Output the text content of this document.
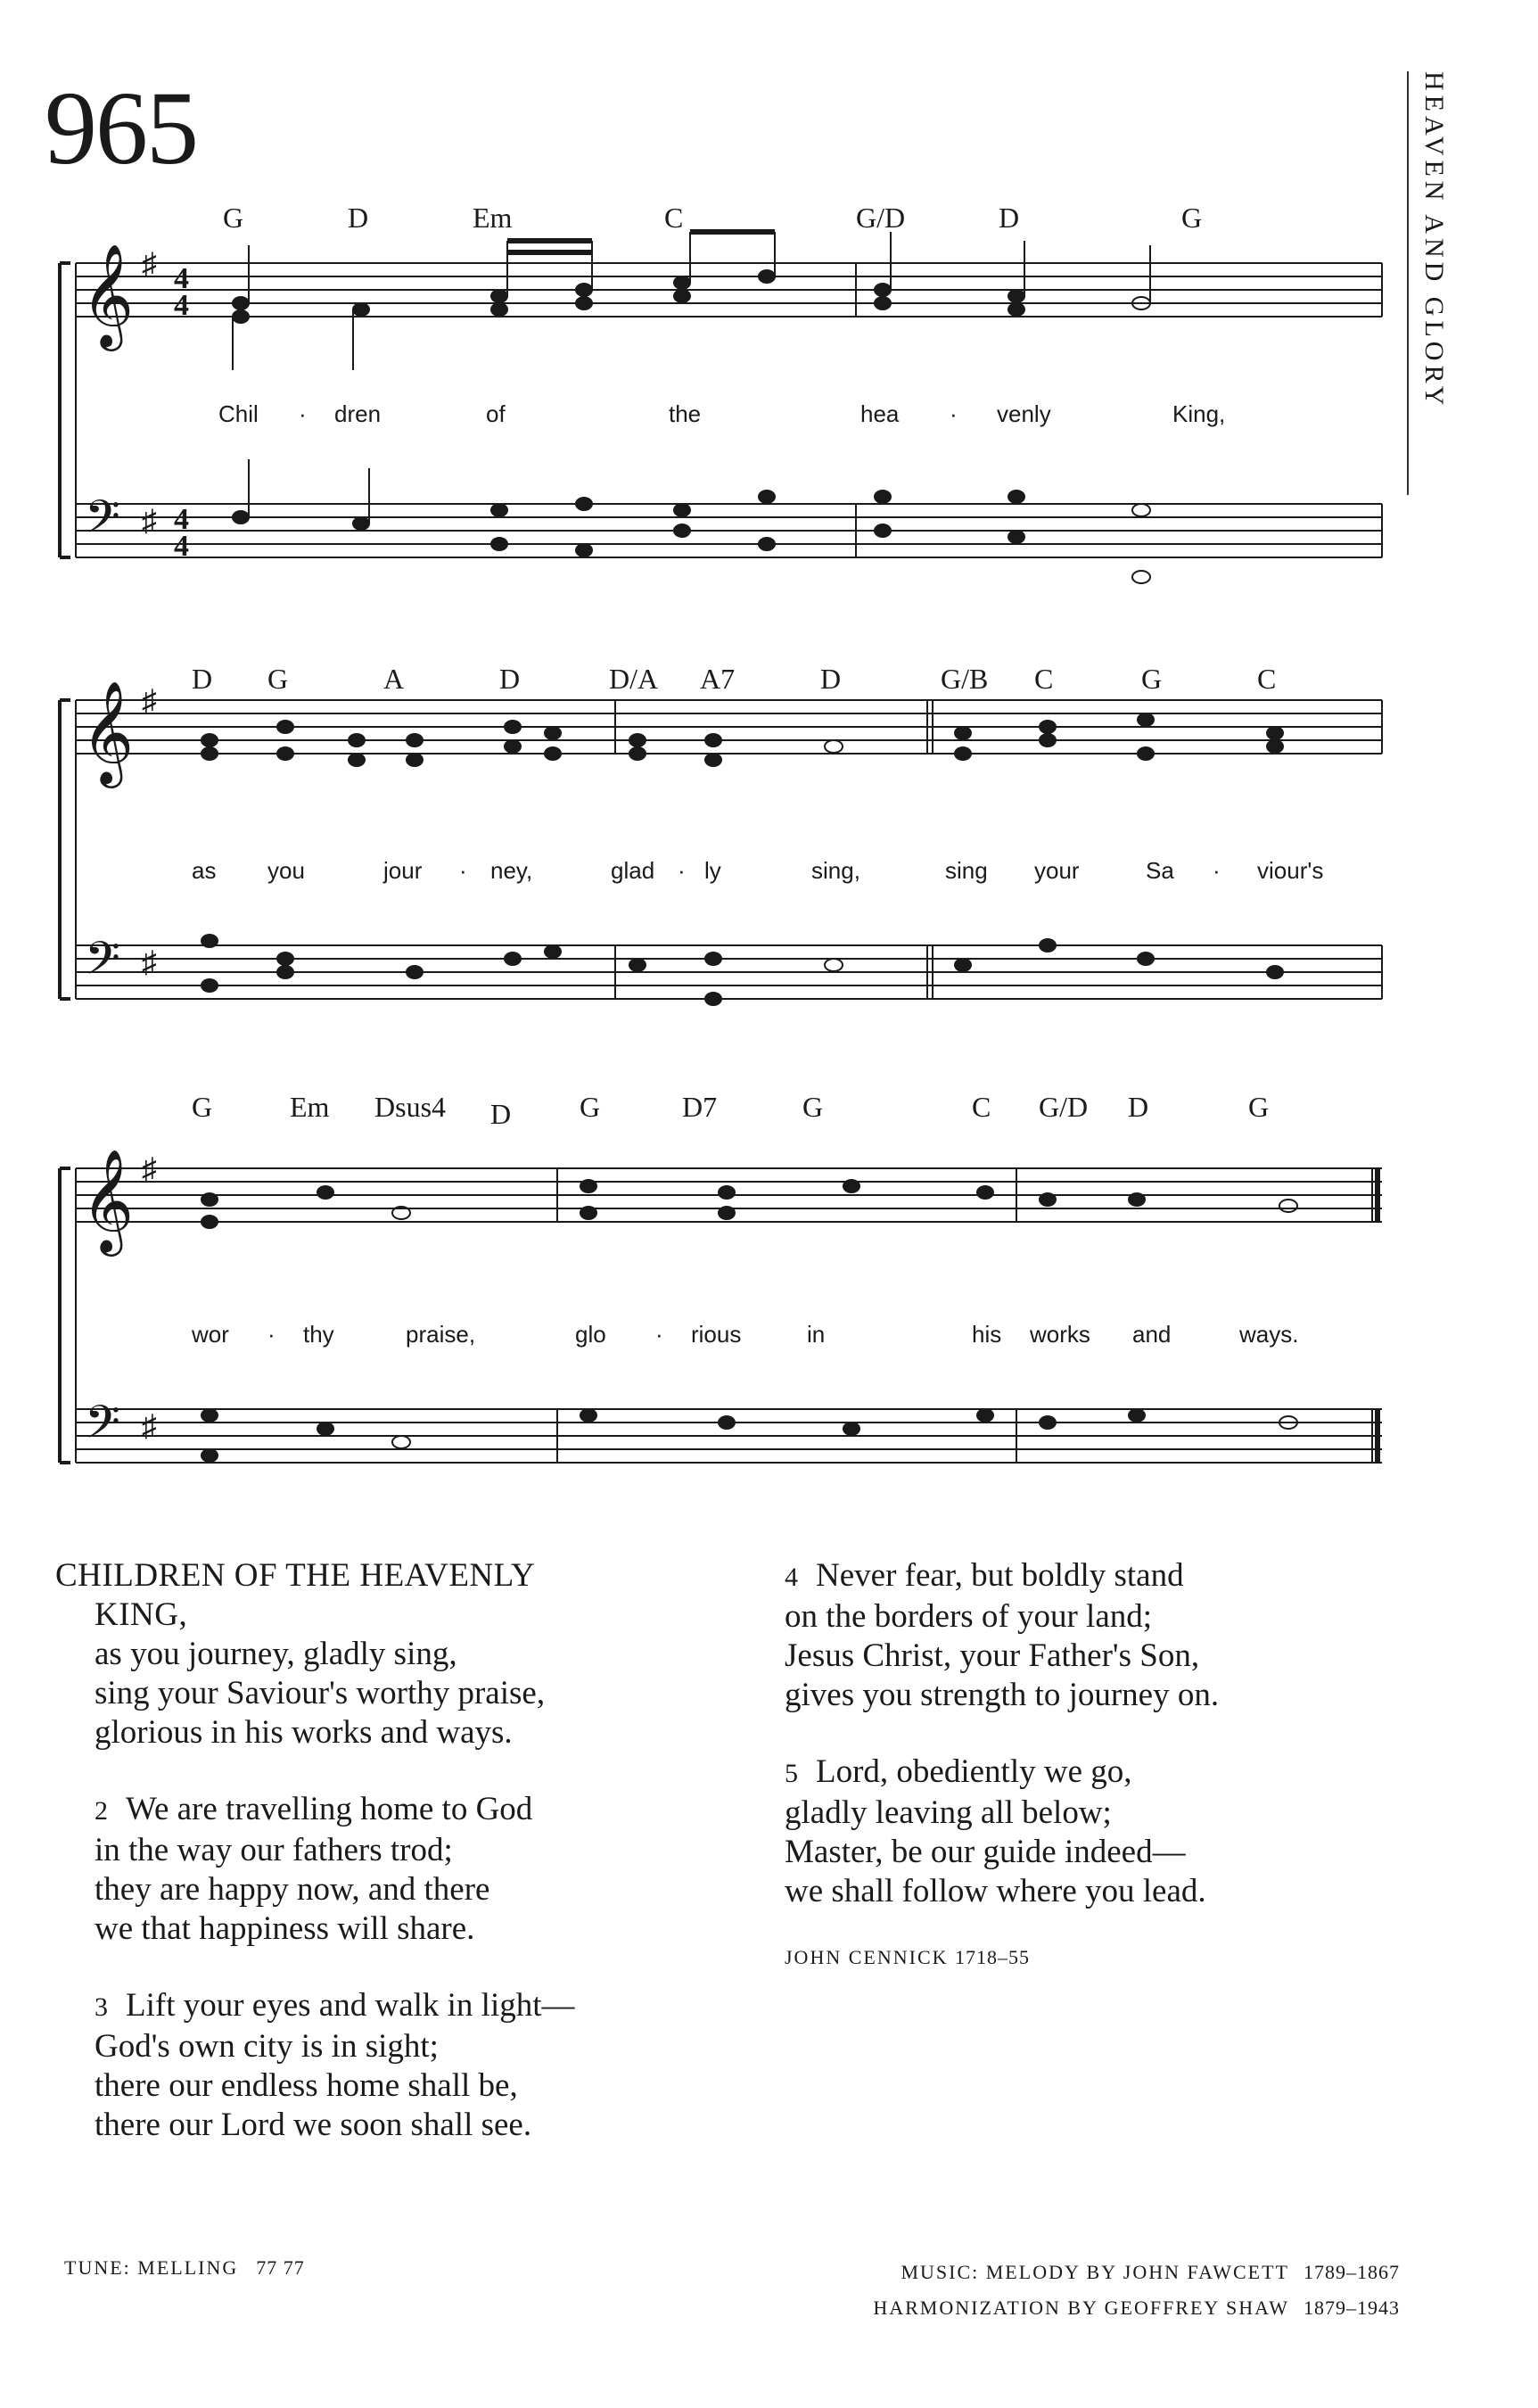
965	HEAVEN AND GLORY
𝄞
𝄢
𝄞
𝄢
𝄞
𝄢
♯
♯
♯
♯
♯
♯
4
4
4
4
G	D	Em	C	G/D	D	G
Chil · dren	of	the	hea · venly	King,
D G	A	D	D/A A7	D	G/B C	G	C
as you	jour · ney,	glad · ly	sing,	sing your	Sa · viour's
G	Em Dsus4 D G	D7	G	C G/D D	G
wor · thy	praise,	glo · rious	in	his works and	ways.
CHILDREN OF THE HEAVENLY
KING,
as you journey, gladly sing,
sing your Saviour's worthy praise,
glorious in his works and ways.
2 We are travelling home to God
in the way our fathers trod;
they are happy now, and there
we that happiness will share.
3 Lift your eyes and walk in light—
God's own city is in sight;
there our endless home shall be,
there our Lord we soon shall see.
4 Never fear, but boldly stand
on the borders of your land;
Jesus Christ, your Father's Son,
gives you strength to journey on.
5 Lord, obediently we go,
gladly leaving all below;
Master, be our guide indeed—
we shall follow where you lead.
JOHN CENNICK 1718–55
TUNE: MELLING 77 77	MUSIC: MELODY BY JOHN FAWCETT 1789–1867
HARMONIZATION BY GEOFFREY SHAW 1879–1943
